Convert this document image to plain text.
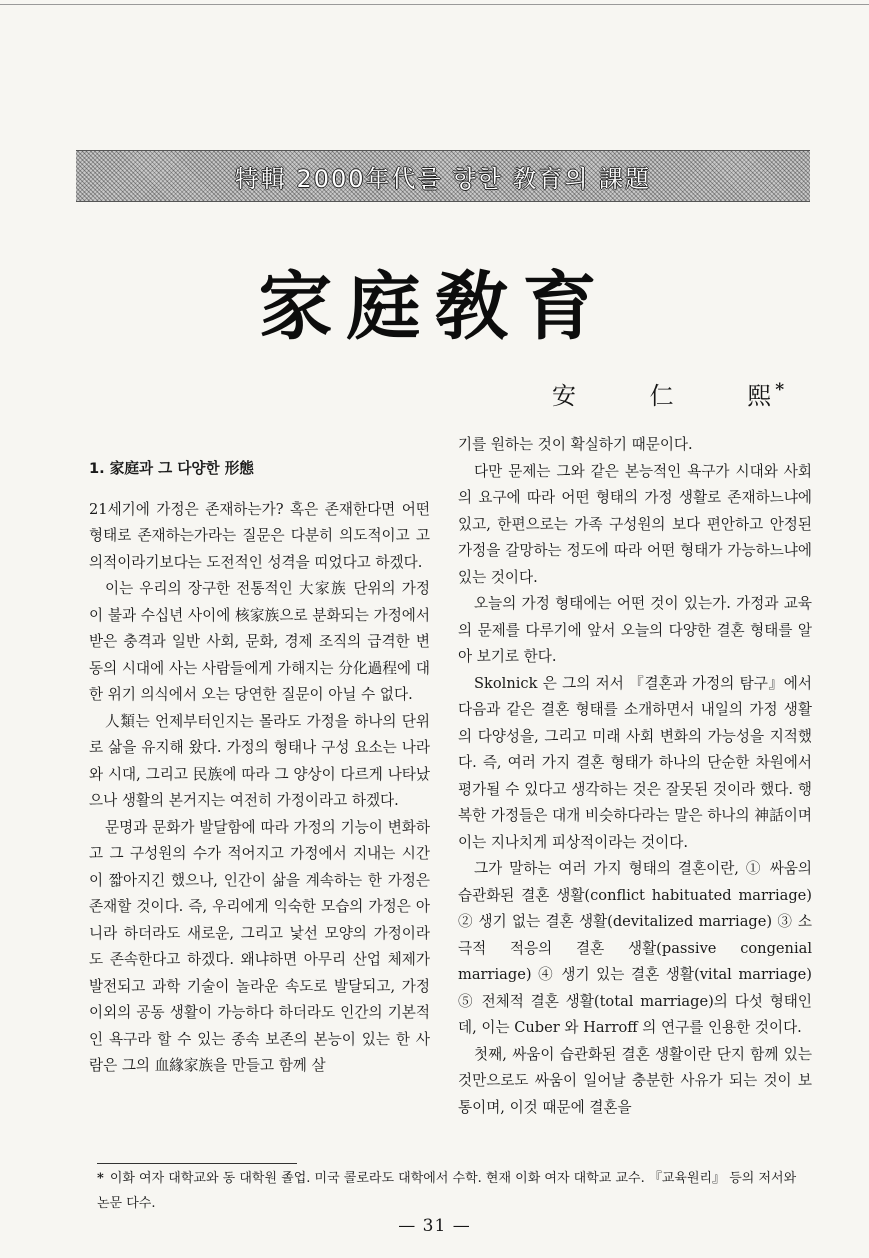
特輯 2000年代를 향한 敎育의 課題
家庭敎育
安 仁 熙 *
1. 家庭과 그 다양한 形態

21세기에 가정은 존재하는가? 혹은 존재한다면 어떤 형태로 존재하는가라는 질문은 다분히 의도적이고 고의적이라기보다는 도전적인 성격을 띠었다고 하겠다.

이는 우리의 장구한 전통적인 大家族 단위의 가정이 불과 수십년 사이에 核家族으로 분화되는 가정에서 받은 충격과 일반 사회, 문화, 경제 조직의 급격한 변동의 시대에 사는 사람들에게 가해지는 分化過程에 대한 위기 의식에서 오는 당연한 질문이 아닐 수 없다.

人類는 언제부터인지는 몰라도 가정을 하나의 단위로 삶을 유지해 왔다. 가정의 형태나 구성 요소는 나라와 시대, 그리고 民族에 따라 그 양상이 다르게 나타났으나 생활의 본거지는 여전히 가정이라고 하겠다.

문명과 문화가 발달함에 따라 가정의 기능이 변화하고 그 구성원의 수가 적어지고 가정에서 지내는 시간이 짧아지긴 했으나, 인간이 삶을 계속하는 한 가정은 존재할 것이다. 즉, 우리에게 익숙한 모습의 가정은 아니라 하더라도 새로운, 그리고 낯선 모양의 가정이라도 존속한다고 하겠다. 왜냐하면 아무리 산업 체제가 발전되고 과학 기술이 놀라운 속도로 발달되고, 가정 이외의 공동 생활이 가능하다 하더라도 인간의 기본적인 욕구라 할 수 있는 종속 보존의 본능이 있는 한 사람은 그의 血緣家族을 만들고 함께 살

기를 원하는 것이 확실하기 때문이다.

다만 문제는 그와 같은 본능적인 욕구가 시대와 사회의 요구에 따라 어떤 형태의 가정 생활로 존재하느냐에 있고, 한편으로는 가족 구성원의 보다 편안하고 안정된 가정을 갈망하는 정도에 따라 어떤 형태가 가능하느냐에 있는 것이다.

오늘의 가정 형태에는 어떤 것이 있는가. 가정과 교육의 문제를 다루기에 앞서 오늘의 다양한 결혼 형태를 알아 보기로 한다.

Skolnick 은 그의 저서 『결혼과 가정의 탐구』에서 다음과 같은 결혼 형태를 소개하면서 내일의 가정 생활의 다양성을, 그리고 미래 사회 변화의 가능성을 지적했다. 즉, 여러 가지 결혼 형태가 하나의 단순한 차원에서 평가될 수 있다고 생각하는 것은 잘못된 것이라 했다. 행복한 가정들은 대개 비슷하다라는 말은 하나의 神話이며 이는 지나치게 피상적이라는 것이다.

그가 말하는 여러 가지 형태의 결혼이란, ① 싸움의 습관화된 결혼 생활(conflict habituated marriage) ② 생기 없는 결혼 생활(devitalized marriage) ③ 소극적 적응의 결혼 생활(passive congenial marriage) ④ 생기 있는 결혼 생활(vital marriage) ⑤ 전체적 결혼 생활(total marriage)의 다섯 형태인데, 이는 Cuber 와 Harroff 의 연구를 인용한 것이다.

첫째, 싸움이 습관화된 결혼 생활이란 단지 함께 있는 것만으로도 싸움이 일어날 충분한 사유가 되는 것이 보통이며, 이것 때문에 결혼을

* 이화 여자 대학교와 동 대학원 졸업. 미국 콜로라도 대학에서 수학. 현재 이화 여자 대학교 교수. 『교육원리』 등의 저서와 논문 다수.
— 31 —
